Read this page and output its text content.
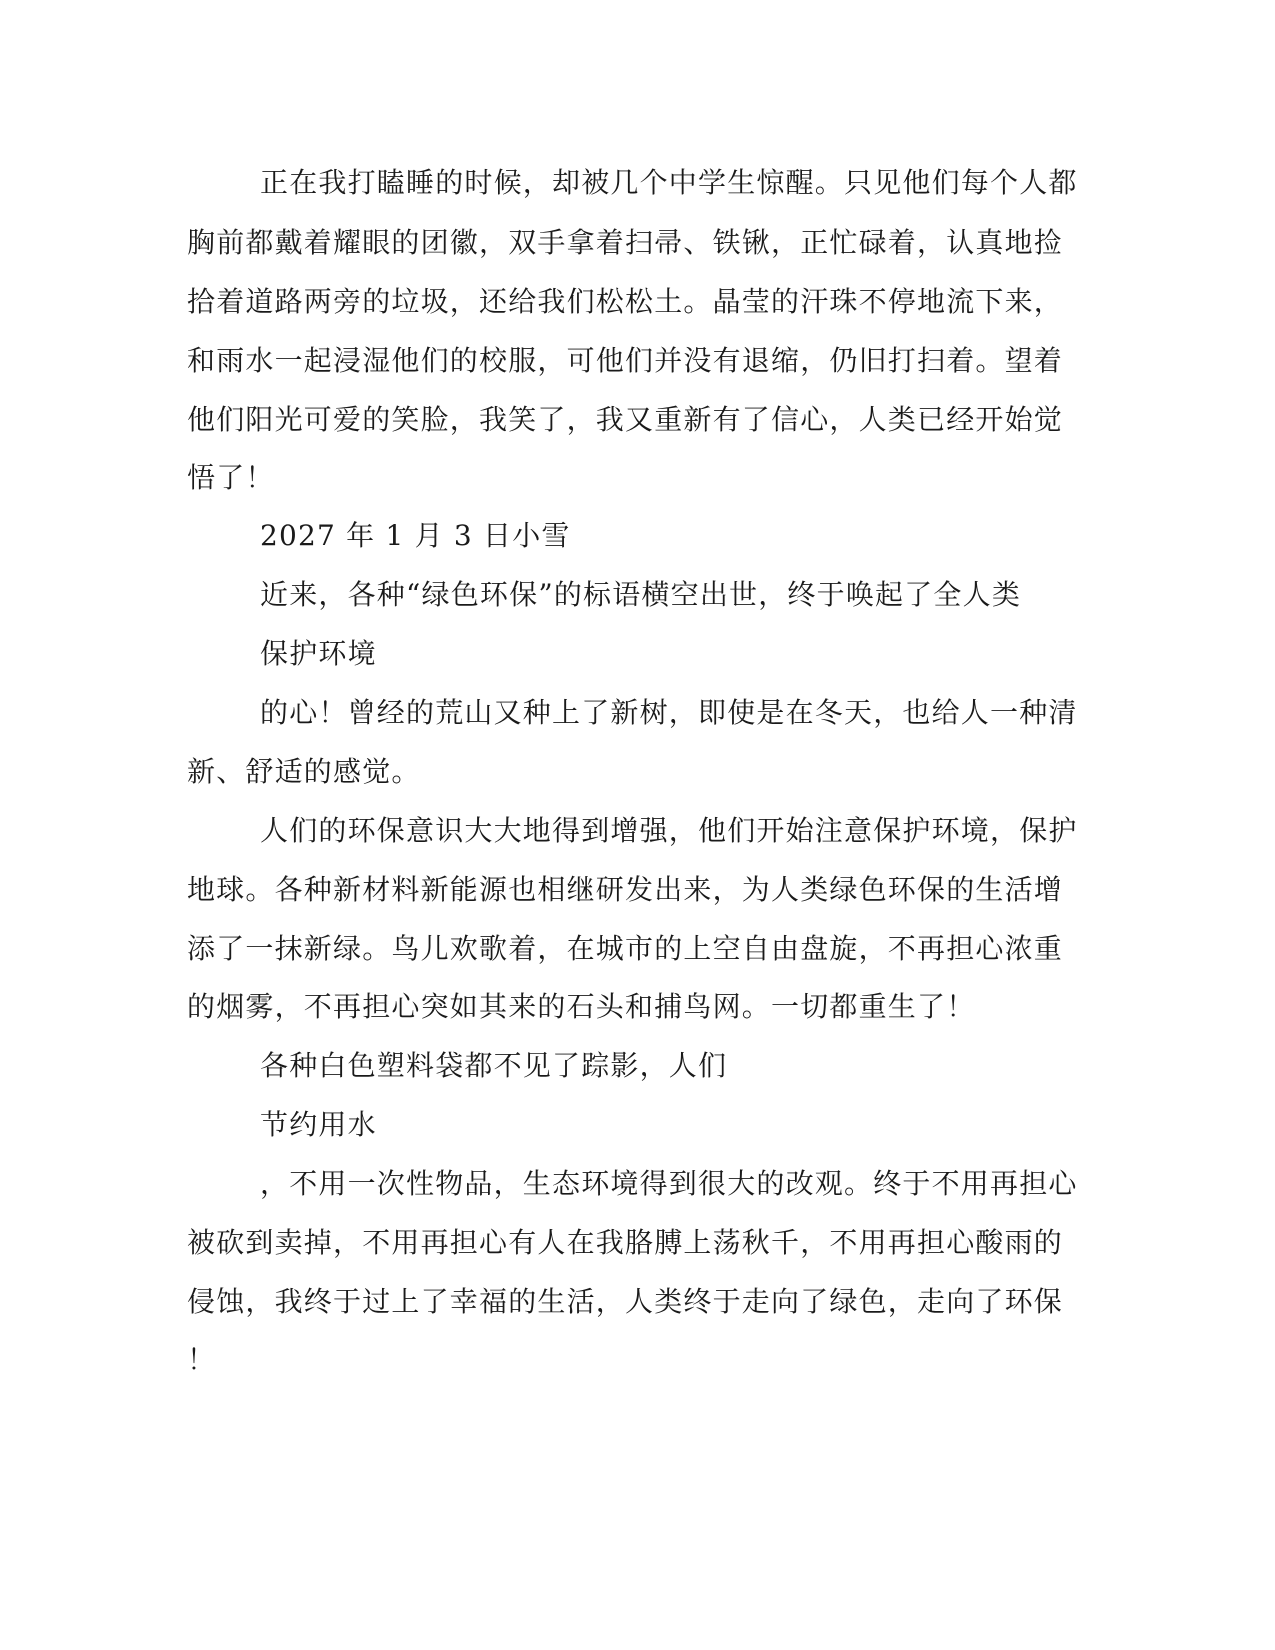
正在我打瞌睡的时候，却被几个中学生惊醒。只见他们每个人都
胸前都戴着耀眼的团徽，双手拿着扫帚、铁锹，正忙碌着，认真地捡
拾着道路两旁的垃圾，还给我们松松土。晶莹的汗珠不停地流下来，
和雨水一起浸湿他们的校服，可他们并没有退缩，仍旧打扫着。望着
他们阳光可爱的笑脸，我笑了，我又重新有了信心，人类已经开始觉
悟了！
2027 年 1 月 3 日小雪
近来，各种“绿色环保”的标语横空出世，终于唤起了全人类
保护环境
的心！曾经的荒山又种上了新树，即使是在冬天，也给人一种清
新、舒适的感觉。
人们的环保意识大大地得到增强，他们开始注意保护环境，保护
地球。各种新材料新能源也相继研发出来，为人类绿色环保的生活增
添了一抹新绿。鸟儿欢歌着，在城市的上空自由盘旋，不再担心浓重
的烟雾，不再担心突如其来的石头和捕鸟网。一切都重生了！
各种白色塑料袋都不见了踪影，人们
节约用水
，不用一次性物品，生态环境得到很大的改观。终于不用再担心
被砍到卖掉，不用再担心有人在我胳膊上荡秋千，不用再担心酸雨的
侵蚀，我终于过上了幸福的生活，人类终于走向了绿色，走向了环保
！
